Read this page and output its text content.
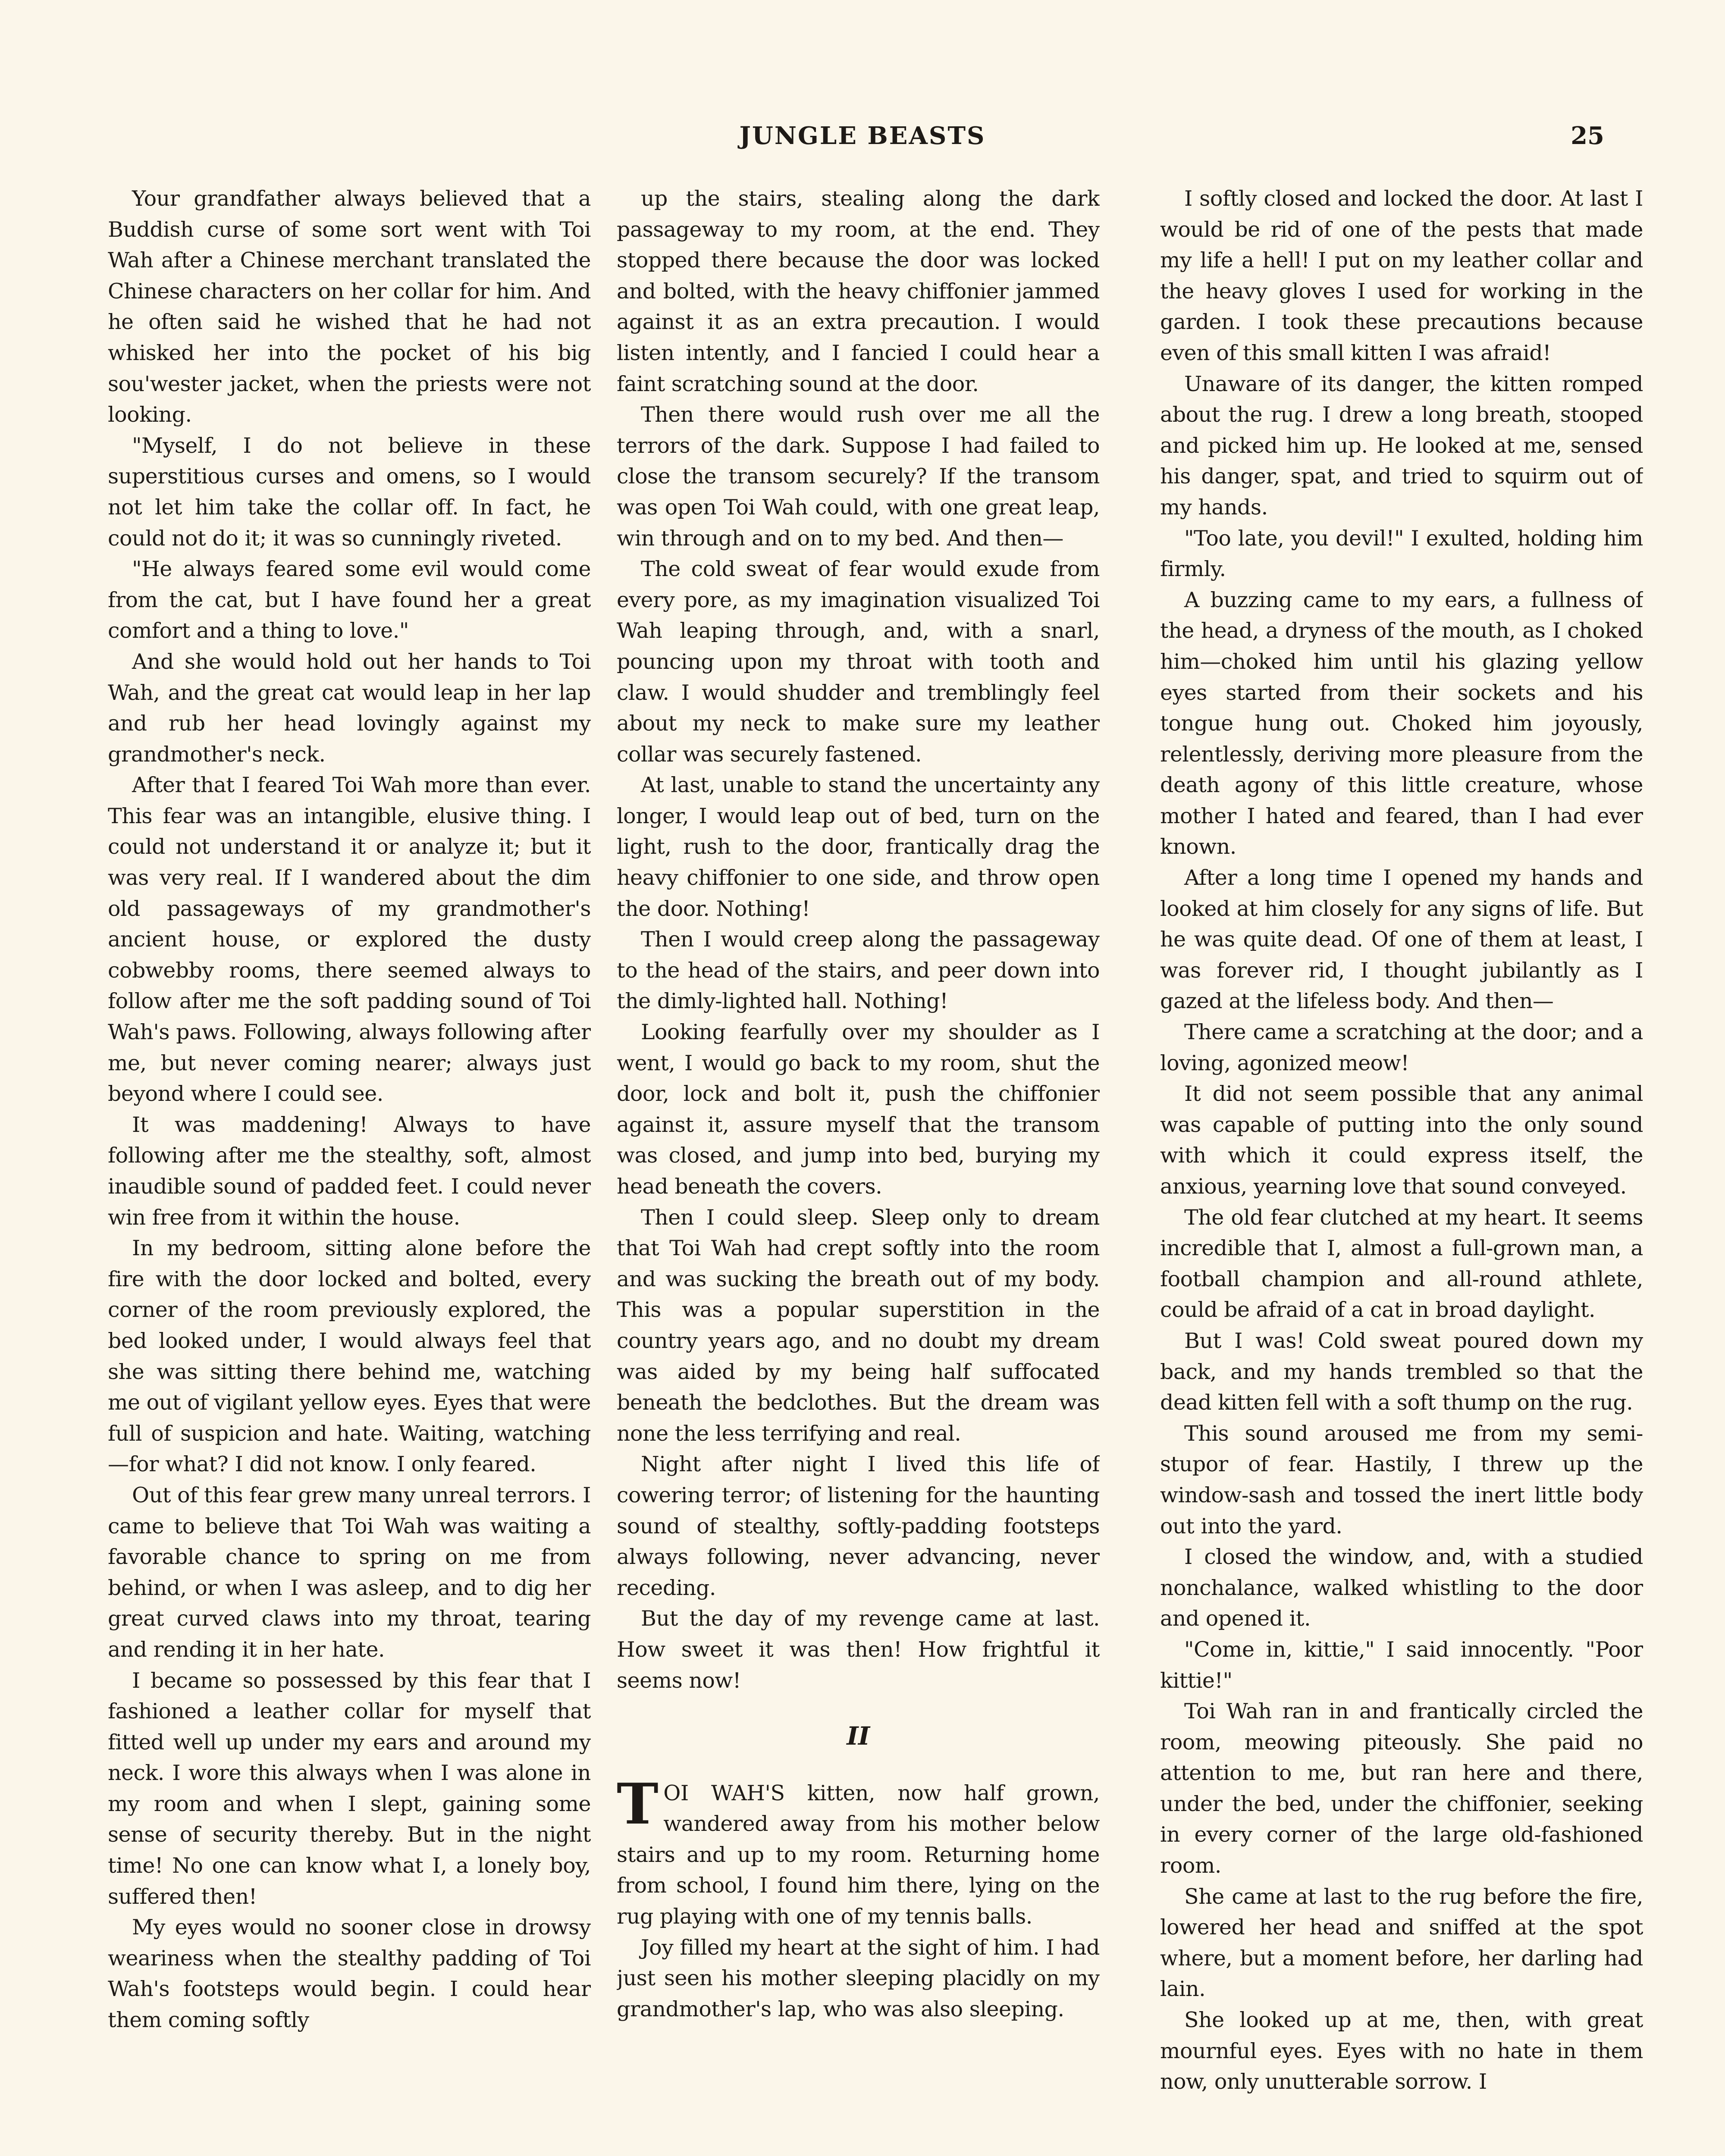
JUNGLE BEASTS	25

Your grandfather always believed that a Buddish curse of some sort went with Toi Wah after a Chinese merchant translated the Chinese characters on her collar for him. And he often said he wished that he had not whisked her into the pocket of his big sou'wester jacket, when the priests were not looking.

"Myself, I do not believe in these superstitious curses and omens, so I would not let him take the collar off. In fact, he could not do it; it was so cunningly riveted.

"He always feared some evil would come from the cat, but I have found her a great comfort and a thing to love."

And she would hold out her hands to Toi Wah, and the great cat would leap in her lap and rub her head lovingly against my grandmother's neck.

After that I feared Toi Wah more than ever. This fear was an intangible, elusive thing. I could not understand it or analyze it; but it was very real. If I wandered about the dim old passageways of my grandmother's ancient house, or explored the dusty cobwebby rooms, there seemed always to follow after me the soft padding sound of Toi Wah's paws. Following, always following after me, but never coming nearer; always just beyond where I could see.

It was maddening! Always to have following after me the stealthy, soft, almost inaudible sound of padded feet. I could never win free from it within the house.

In my bedroom, sitting alone before the fire with the door locked and bolted, every corner of the room previously explored, the bed looked under, I would always feel that she was sitting there behind me, watching me out of vigilant yellow eyes. Eyes that were full of suspicion and hate. Waiting, watching—for what? I did not know. I only feared.

Out of this fear grew many unreal terrors. I came to believe that Toi Wah was waiting a favorable chance to spring on me from behind, or when I was asleep, and to dig her great curved claws into my throat, tearing and rending it in her hate.

I became so possessed by this fear that I fashioned a leather collar for myself that fitted well up under my ears and around my neck. I wore this always when I was alone in my room and when I slept, gaining some sense of security thereby. But in the night time! No one can know what I, a lonely boy, suffered then!

My eyes would no sooner close in drowsy weariness when the stealthy padding of Toi Wah's footsteps would begin. I could hear them coming softly

up the stairs, stealing along the dark passageway to my room, at the end. They stopped there because the door was locked and bolted, with the heavy chiffonier jammed against it as an extra precaution. I would listen intently, and I fancied I could hear a faint scratching sound at the door.

Then there would rush over me all the terrors of the dark. Suppose I had failed to close the transom securely? If the transom was open Toi Wah could, with one great leap, win through and on to my bed. And then—

The cold sweat of fear would exude from every pore, as my imagination visualized Toi Wah leaping through, and, with a snarl, pouncing upon my throat with tooth and claw. I would shudder and tremblingly feel about my neck to make sure my leather collar was securely fastened.

At last, unable to stand the uncertainty any longer, I would leap out of bed, turn on the light, rush to the door, frantically drag the heavy chiffonier to one side, and throw open the door. Nothing!

Then I would creep along the passageway to the head of the stairs, and peer down into the dimly-lighted hall. Nothing!

Looking fearfully over my shoulder as I went, I would go back to my room, shut the door, lock and bolt it, push the chiffonier against it, assure myself that the transom was closed, and jump into bed, burying my head beneath the covers.

Then I could sleep. Sleep only to dream that Toi Wah had crept softly into the room and was sucking the breath out of my body. This was a popular superstition in the country years ago, and no doubt my dream was aided by my being half suffocated beneath the bedclothes. But the dream was none the less terrifying and real.

Night after night I lived this life of cowering terror; of listening for the haunting sound of stealthy, softly-padding footsteps always following, never advancing, never receding.

But the day of my revenge came at last. How sweet it was then! How frightful it seems now!

II

TOI WAH'S kitten, now half grown, wandered away from his mother below stairs and up to my room. Returning home from school, I found him there, lying on the rug playing with one of my tennis balls.

Joy filled my heart at the sight of him. I had just seen his mother sleeping placidly on my grandmother's lap, who was also sleeping.

I softly closed and locked the door. At last I would be rid of one of the pests that made my life a hell! I put on my leather collar and the heavy gloves I used for working in the garden. I took these precautions because even of this small kitten I was afraid!

Unaware of its danger, the kitten romped about the rug. I drew a long breath, stooped and picked him up. He looked at me, sensed his danger, spat, and tried to squirm out of my hands.

"Too late, you devil!" I exulted, holding him firmly.

A buzzing came to my ears, a fullness of the head, a dryness of the mouth, as I choked him—choked him until his glazing yellow eyes started from their sockets and his tongue hung out. Choked him joyously, relentlessly, deriving more pleasure from the death agony of this little creature, whose mother I hated and feared, than I had ever known.

After a long time I opened my hands and looked at him closely for any signs of life. But he was quite dead. Of one of them at least, I was forever rid, I thought jubilantly as I gazed at the lifeless body. And then—

There came a scratching at the door; and a loving, agonized meow!

It did not seem possible that any animal was capable of putting into the only sound with which it could express itself, the anxious, yearning love that sound conveyed.

The old fear clutched at my heart. It seems incredible that I, almost a full-grown man, a football champion and all-round athlete, could be afraid of a cat in broad daylight.

But I was! Cold sweat poured down my back, and my hands trembled so that the dead kitten fell with a soft thump on the rug.

This sound aroused me from my semi-stupor of fear. Hastily, I threw up the window-sash and tossed the inert little body out into the yard.

I closed the window, and, with a studied nonchalance, walked whistling to the door and opened it.

"Come in, kittie," I said innocently. "Poor kittie!"

Toi Wah ran in and frantically circled the room, meowing piteously. She paid no attention to me, but ran here and there, under the bed, under the chiffonier, seeking in every corner of the large old-fashioned room.

She came at last to the rug before the fire, lowered her head and sniffed at the spot where, but a moment before, her darling had lain.

She looked up at me, then, with great mournful eyes. Eyes with no hate in them now, only unutterable sorrow. I
